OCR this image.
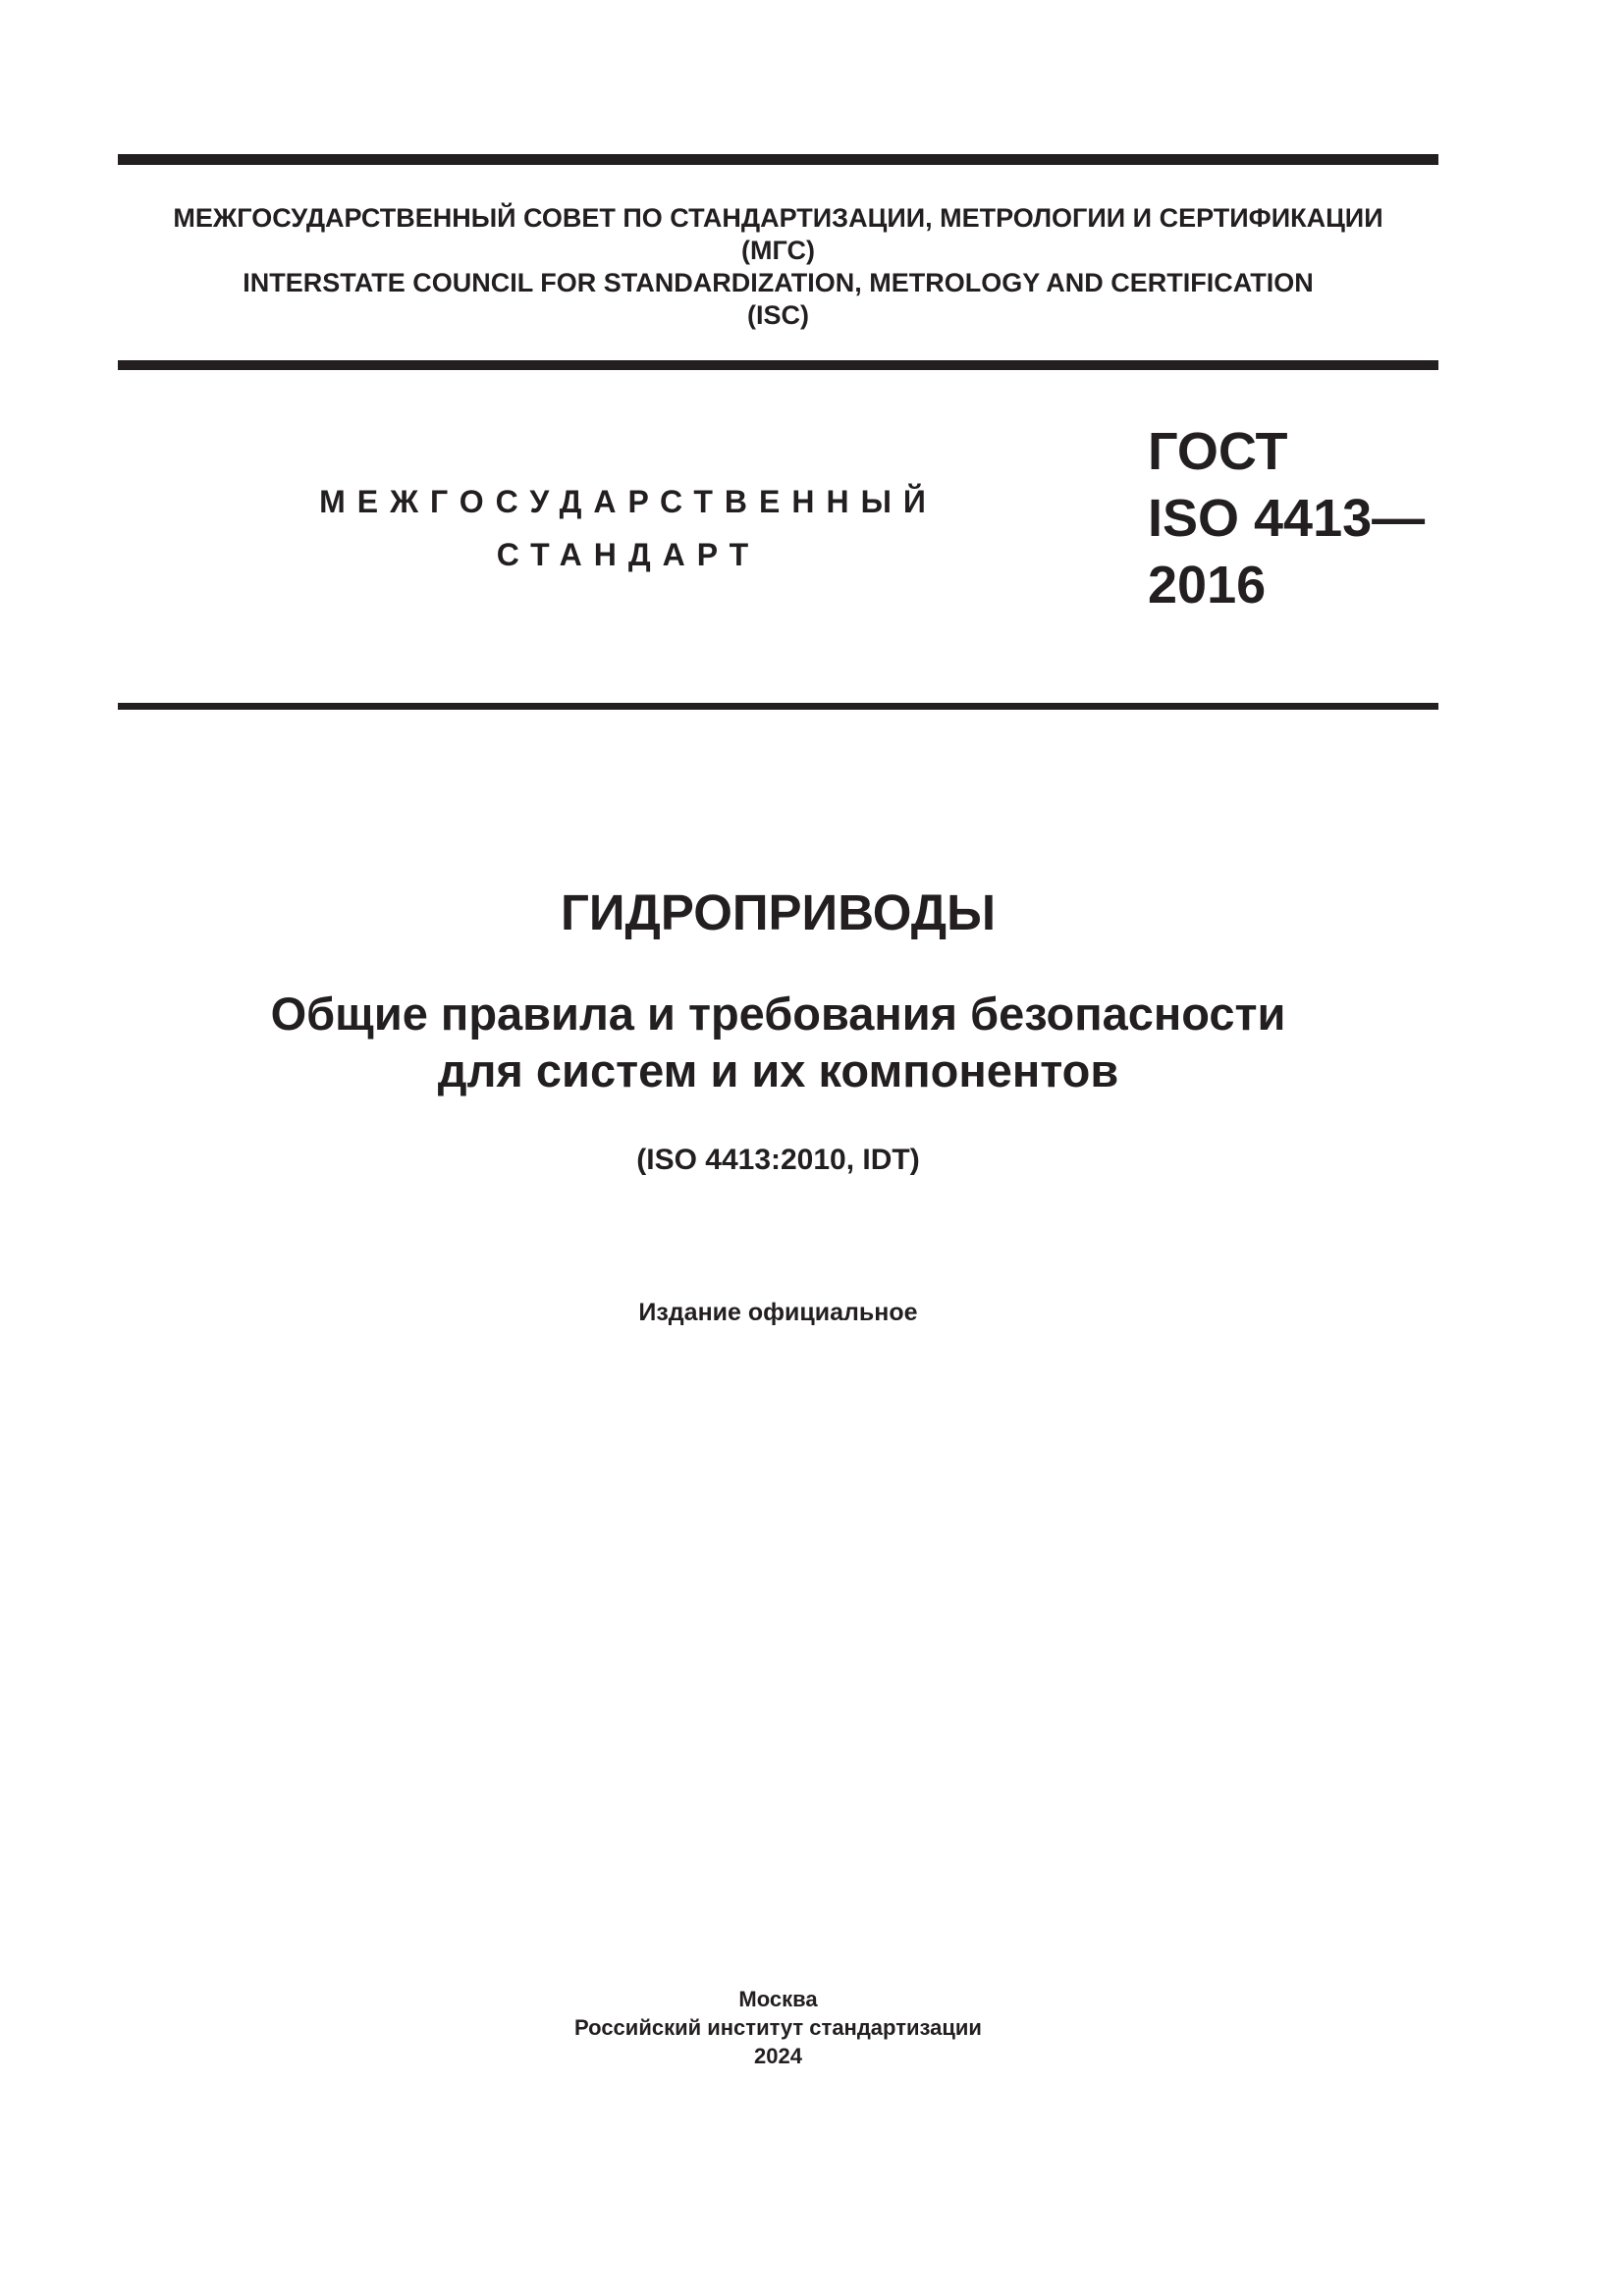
МЕЖГОСУДАРСТВЕННЫЙ СОВЕТ ПО СТАНДАРТИЗАЦИИ, МЕТРОЛОГИИ И СЕРТИФИКАЦИИ
(МГС)
INTERSTATE COUNCIL FOR STANDARDIZATION, METROLOGY AND CERTIFICATION
(ISC)
МЕЖГОСУДАРСТВЕННЫЙ
СТАНДАРТ
ГОСТ
ISO 4413—
2016
ГИДРОПРИВОДЫ
Общие правила и требования безопасности
для систем и их компонентов
(ISO 4413:2010, IDT)
Издание официальное
Москва
Российский институт стандартизации
2024
